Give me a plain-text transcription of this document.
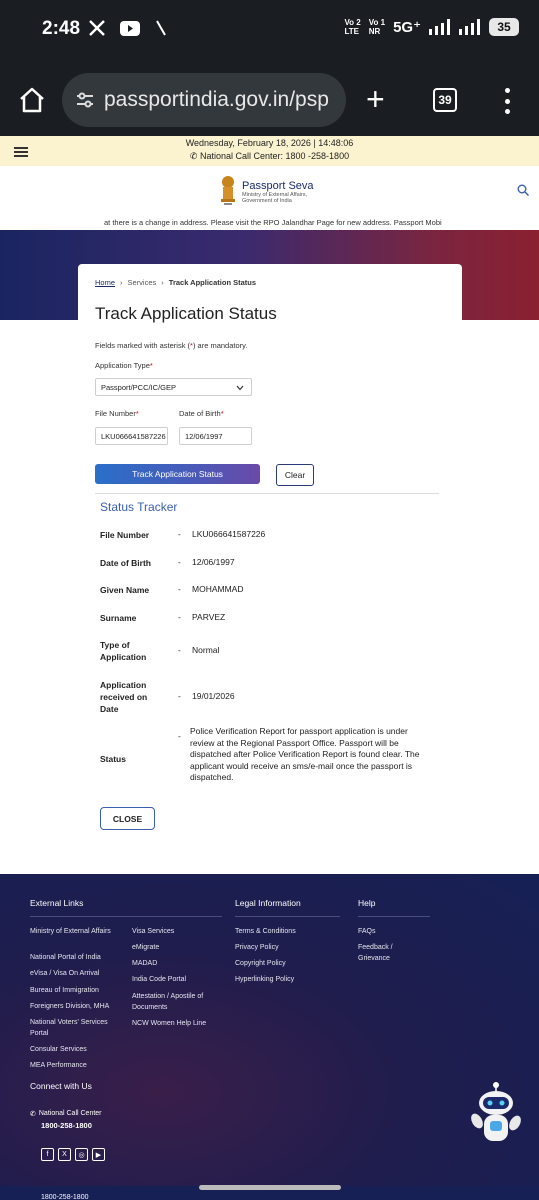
2:48	Vo 2
LTE
Vo 1
NR 5G⁺	35
passportindia.gov.in/psp +	39
Wednesday, February 18, 2026 | 14:48:06
✆ National Call Center: 1800 -258-1800
Passport Seva
Ministry of External Affairs,
Government of India
at there is a change in address. Please visit the RPO Jalandhar Page for new address. Passport Mobi
Home › Services › Track Application Status
Track Application Status
Fields marked with asterisk (*) are mandatory.
Application Type*
Passport/PCC/IC/GEP
File Number*
LKU066641587226
Date of Birth*
12/06/1997
Track Application Status	Clear
Status Tracker
File Number	- LKU066641587226
Date of Birth	- 12/06/1997
Given Name	- MOHAMMAD
Surname	- PARVEZ
Type of Application
- Normal
Application received on Date
- 19/01/2026
Status
- Police Verification Report for passport application is under review at the Regional Passport Office. Passport will be dispatched after Police Verification Report is found clear. The applicant would receive an sms/e-mail once the passport is dispatched.
CLOSE
External Links	Legal Information	Help
Ministry of External Affairs
National Portal of India
eVisa / Visa On Arrival
Bureau of Immigration
Foreigners Division, MHA
National Voters' Services Portal
Consular Services
MEA Performance
Visa Services
eMigrate
MADAD
India Code Portal
Attestation / Apostile of Documents
NCW Women Help Line
Terms & Conditions
Privacy Policy
Copyright Policy
Hyperlinking Policy
FAQs
Feedback / Grievance
Connect with Us
✆ National Call Center
1800-258-1800
f	X	◎	▶
1800-258-1800
